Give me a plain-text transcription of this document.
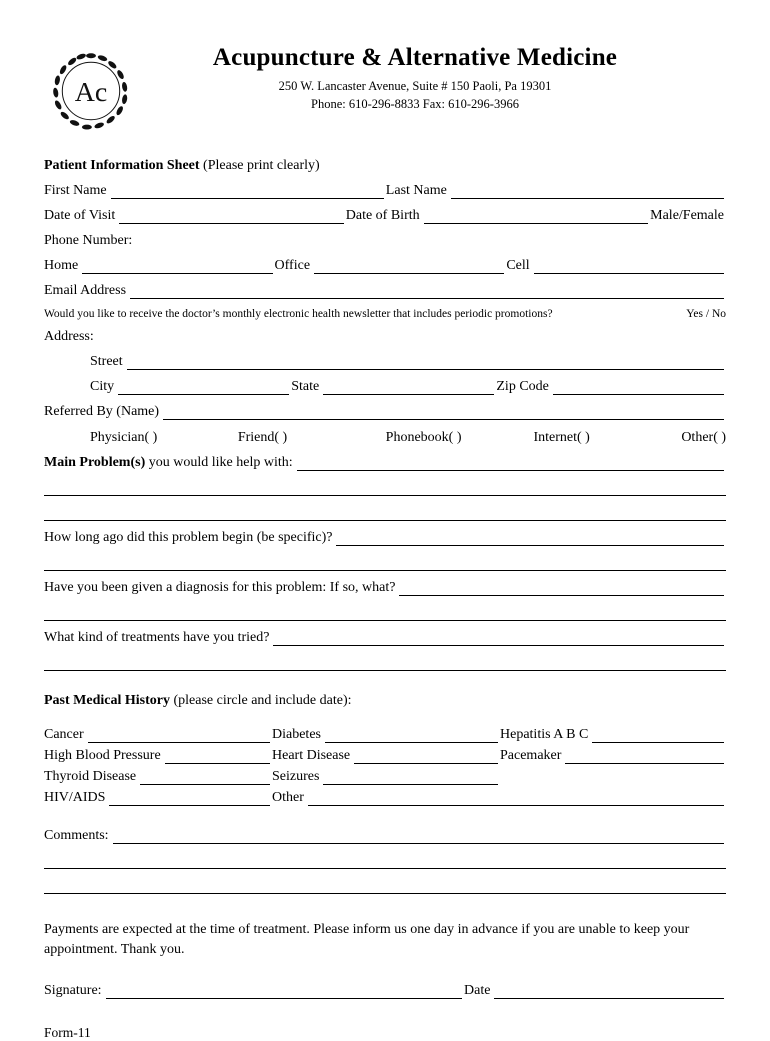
Ac
Acupuncture & Alternative Medicine
250 W. Lancaster Avenue, Suite # 150 Paoli, Pa 19301
Phone: 610-296-8833 Fax: 610-296-3966
Patient Information Sheet (Please print clearly)
First Name	Last Name
Date of Visit	Date of Birth	Male/Female
Phone Number:
Home	Office	Cell
Email Address
Would you like to receive the doctor’s monthly electronic health newsletter that includes periodic promotions?	Yes / No
Address:
Street
City	State	Zip Code
Referred By (Name)
Physician( )	Friend( )	Phonebook( )	Internet( )	Other( )
Main Problem(s) you would like help with:
How long ago did this problem begin (be specific)?
Have you been given a diagnosis for this problem: If so, what?
What kind of treatments have you tried?
Past Medical History (please circle and include date):
Cancer	Diabetes	Hepatitis A B C
High Blood Pressure	Heart Disease	Pacemaker
Thyroid Disease	Seizures
HIV/AIDS	Other
Comments:
Payments are expected at the time of treatment. Please inform us one day in advance if you are unable to keep your appointment. Thank you.
Signature:	Date
Form-11
